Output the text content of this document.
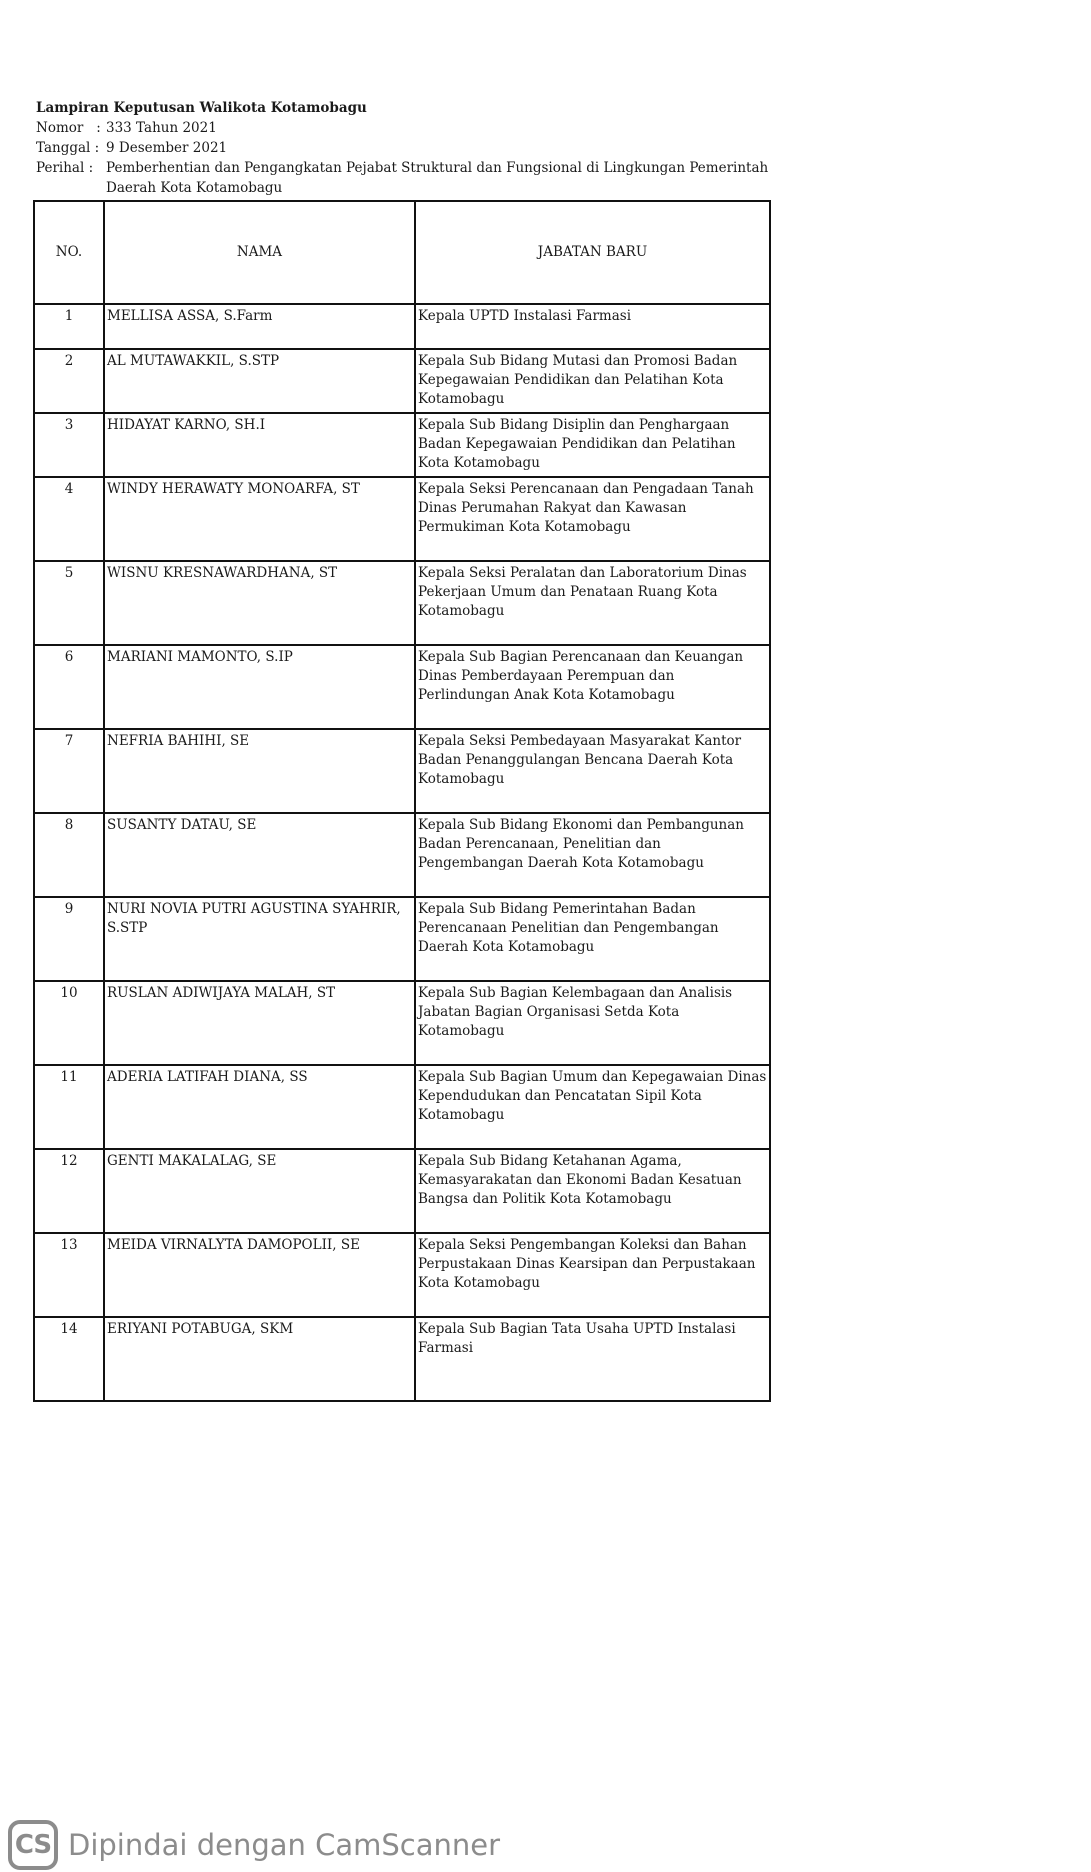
Lampiran Keputusan Walikota Kotamobagu
Nomor   : 333 Tahun 2021
Tanggal : 9 Desember 2021
Perihal : Pemberhentian dan Pengangkatan Pejabat Struktural dan Fungsional di Lingkungan Pemerintah Daerah Kota Kotamobagu
NO.	NAMA	JABATAN BARU
1	MELLISA ASSA, S.Farm	Kepala UPTD Instalasi Farmasi
2	AL MUTAWAKKIL, S.STP	Kepala Sub Bidang Mutasi dan Promosi Badan Kepegawaian Pendidikan dan Pelatihan Kota Kotamobagu
3	HIDAYAT KARNO, SH.I	Kepala Sub Bidang Disiplin dan Penghargaan Badan Kepegawaian Pendidikan dan Pelatihan Kota Kotamobagu
4	WINDY HERAWATY MONOARFA, ST	Kepala Seksi Perencanaan dan Pengadaan Tanah Dinas Perumahan Rakyat dan Kawasan Permukiman Kota Kotamobagu
5	WISNU KRESNAWARDHANA, ST	Kepala Seksi Peralatan dan Laboratorium Dinas Pekerjaan Umum dan Penataan Ruang Kota Kotamobagu
6	MARIANI MAMONTO, S.IP	Kepala Sub Bagian Perencanaan dan Keuangan Dinas Pemberdayaan Perempuan dan Perlindungan Anak Kota Kotamobagu
7	NEFRIA BAHIHI, SE	Kepala Seksi Pembedayaan Masyarakat Kantor Badan Penanggulangan Bencana Daerah Kota Kotamobagu
8	SUSANTY DATAU, SE	Kepala Sub Bidang Ekonomi dan Pembangunan Badan Perencanaan, Penelitian dan Pengembangan Daerah Kota Kotamobagu
9	NURI NOVIA PUTRI AGUSTINA SYAHRIR, S.STP	Kepala Sub Bidang Pemerintahan Badan Perencanaan Penelitian dan Pengembangan Daerah Kota Kotamobagu
10	RUSLAN ADIWIJAYA MALAH, ST	Kepala Sub Bagian Kelembagaan dan Analisis Jabatan Bagian Organisasi Setda Kota Kotamobagu
11	ADERIA LATIFAH DIANA, SS	Kepala Sub Bagian Umum dan Kepegawaian Dinas Kependudukan dan Pencatatan Sipil Kota Kotamobagu
12	GENTI MAKALALAG, SE	Kepala Sub Bidang Ketahanan Agama, Kemasyarakatan dan Ekonomi Badan Kesatuan Bangsa dan Politik Kota Kotamobagu
13	MEIDA VIRNALYTA DAMOPOLII, SE	Kepala Seksi Pengembangan Koleksi dan Bahan Perpustakaan Dinas Kearsipan dan Perpustakaan Kota Kotamobagu
14	ERIYANI POTABUGA, SKM	Kepala Sub Bagian Tata Usaha UPTD Instalasi Farmasi
CS Dipindai dengan CamScanner
